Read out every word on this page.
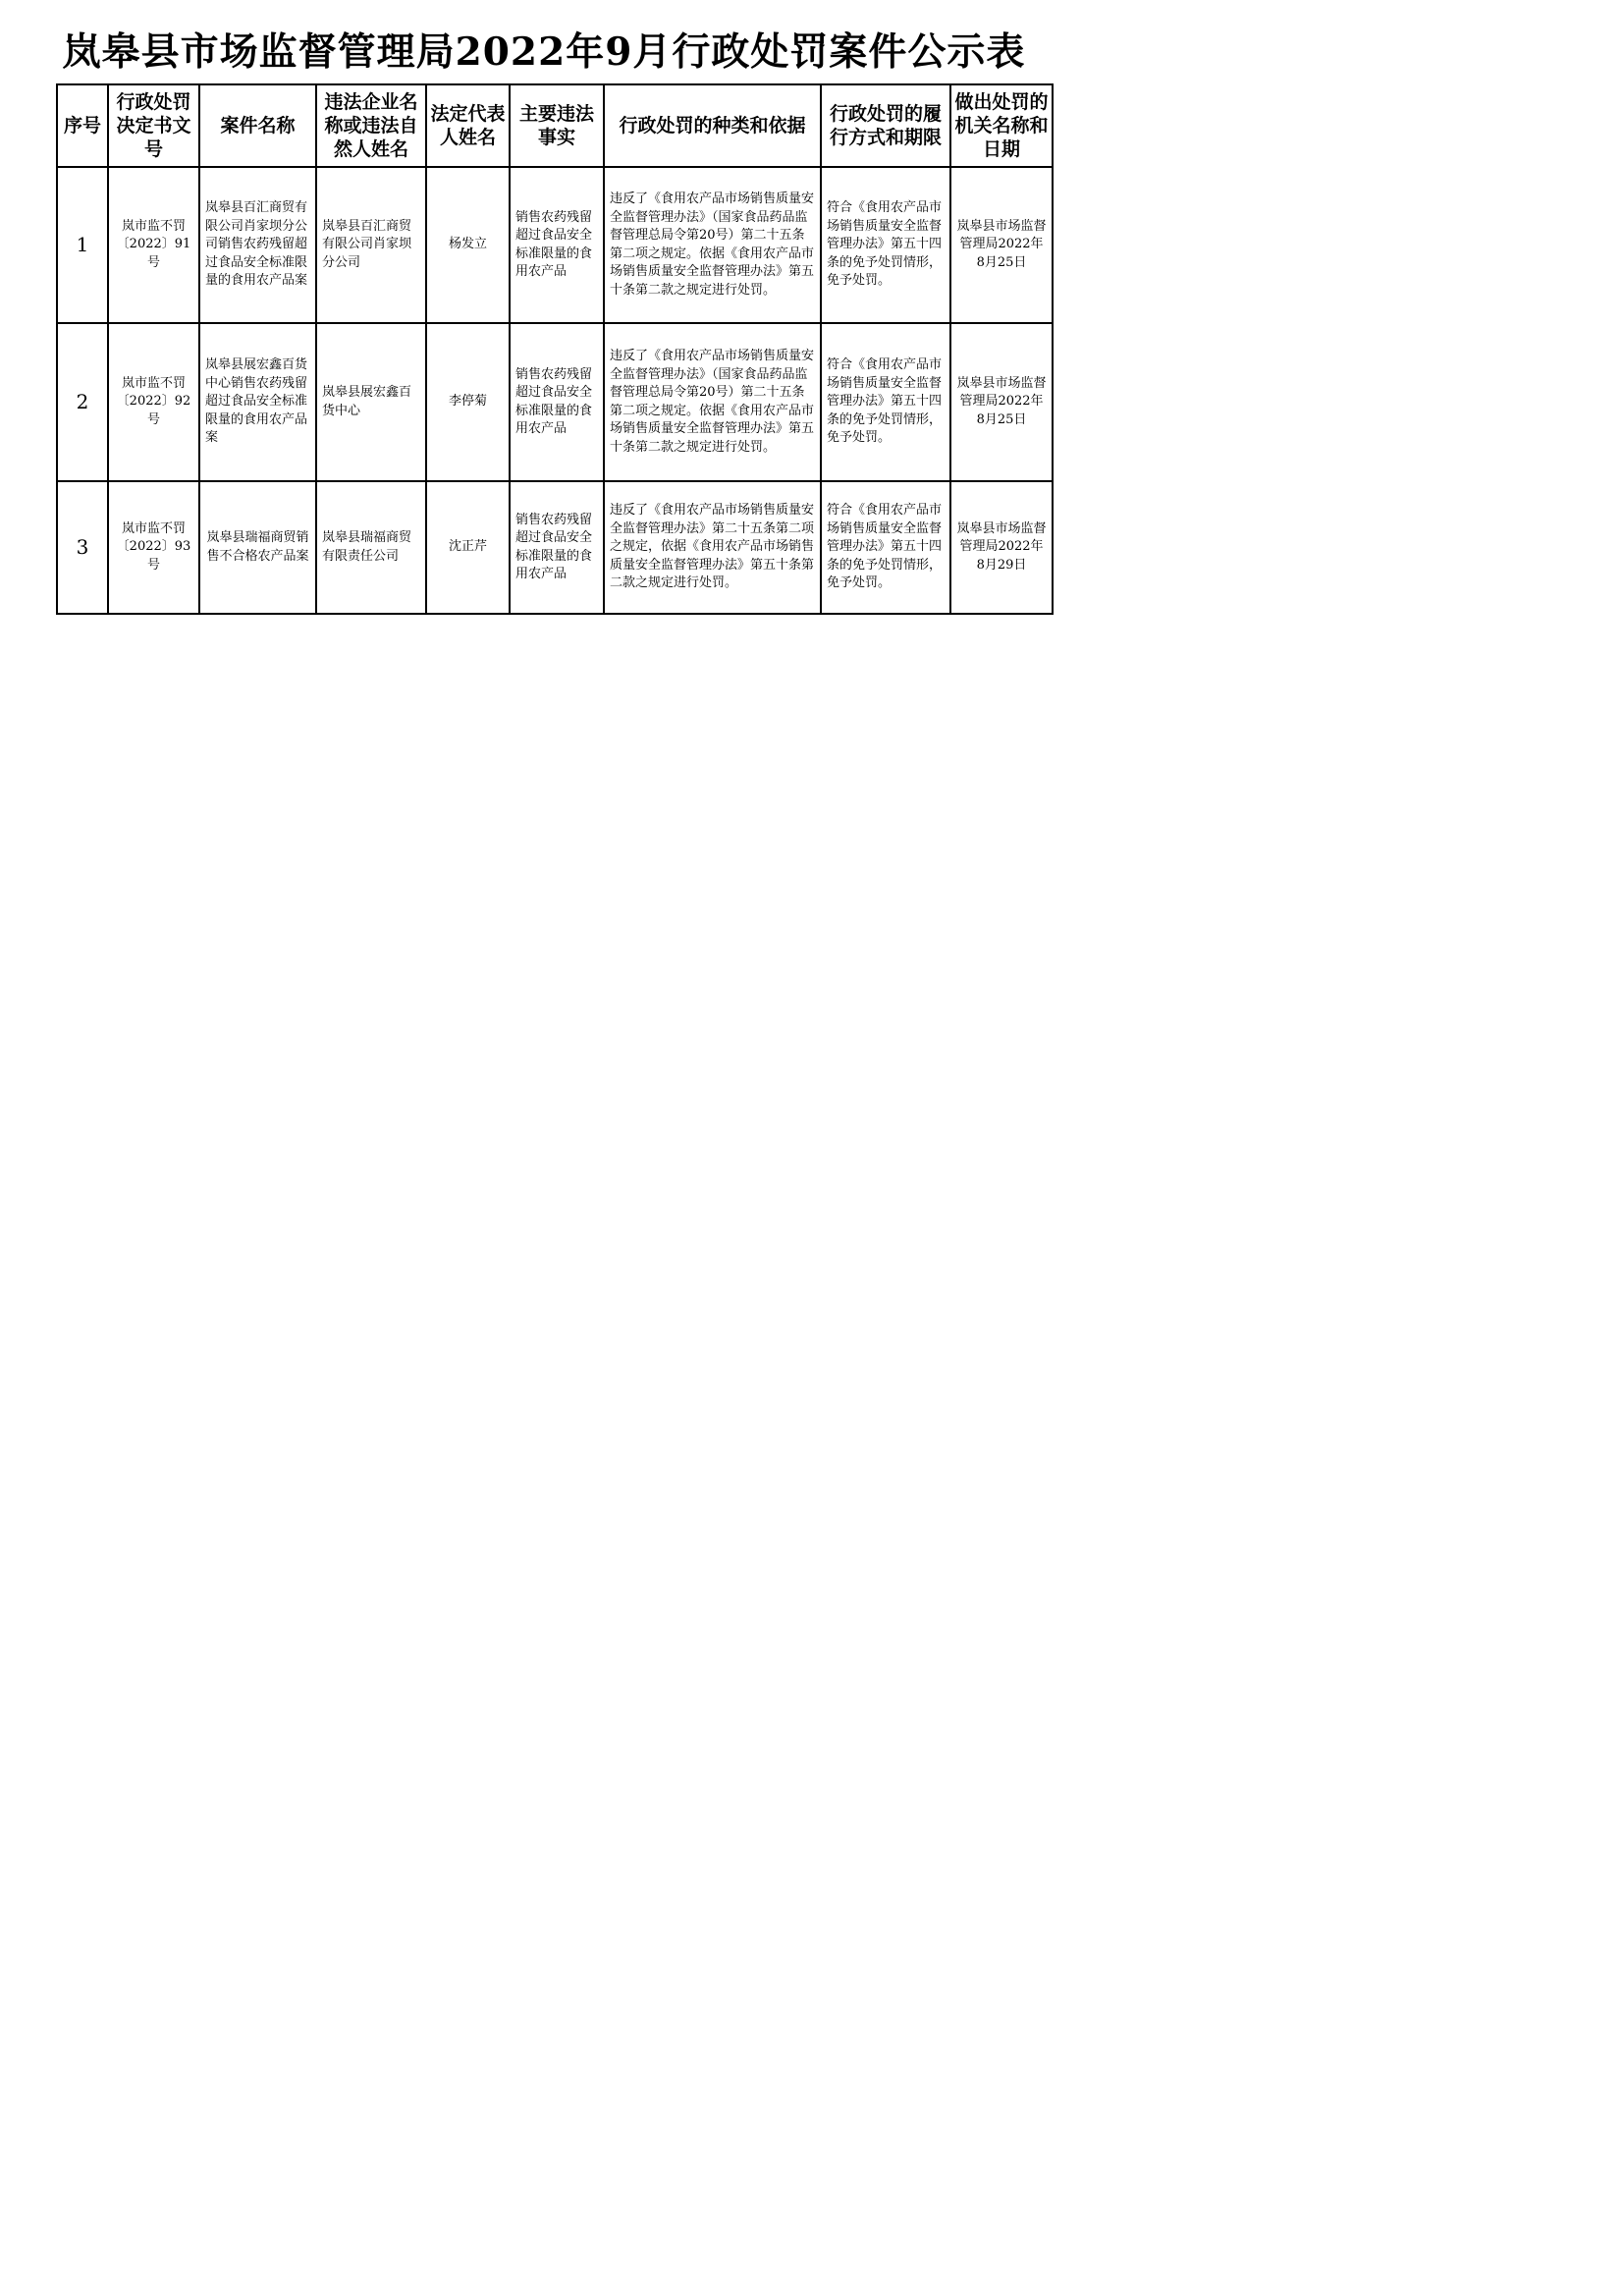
岚皋县市场监督管理局2022年9月行政处罚案件公示表
序号	行政处罚决定书文号	案件名称	违法企业名称或违法自然人姓名	法定代表人姓名	主要违法事实	行政处罚的种类和依据	行政处罚的履行方式和期限	做出处罚的机关名称和日期
1	岚市监不罚〔2022〕91号	岚皋县百汇商贸有限公司肖家坝分公司销售农药残留超过食品安全标准限量的食用农产品案	岚皋县百汇商贸有限公司肖家坝分公司	杨发立	销售农药残留超过食品安全标准限量的食用农产品	违反了《食用农产品市场销售质量安全监督管理办法》（国家食品药品监督管理总局令第20号）第二十五条第二项之规定。依据《食用农产品市场销售质量安全监督管理办法》第五十条第二款之规定进行处罚。	符合《食用农产品市场销售质量安全监督管理办法》第五十四条的免予处罚情形，免予处罚。	岚皋县市场监督管理局2022年8月25日
2	岚市监不罚〔2022〕92号	岚皋县展宏鑫百货中心销售农药残留超过食品安全标准限量的食用农产品案	岚皋县展宏鑫百货中心	李停菊	销售农药残留超过食品安全标准限量的食用农产品	违反了《食用农产品市场销售质量安全监督管理办法》（国家食品药品监督管理总局令第20号）第二十五条第二项之规定。依据《食用农产品市场销售质量安全监督管理办法》第五十条第二款之规定进行处罚。	符合《食用农产品市场销售质量安全监督管理办法》第五十四条的免予处罚情形，免予处罚。	岚皋县市场监督管理局2022年8月25日
3	岚市监不罚〔2022〕93号	岚皋县瑞福商贸销售不合格农产品案	岚皋县瑞福商贸有限责任公司	沈正芹	销售农药残留超过食品安全标准限量的食用农产品	违反了《食用农产品市场销售质量安全监督管理办法》第二十五条第二项之规定，依据《食用农产品市场销售质量安全监督管理办法》第五十条第二款之规定进行处罚。	符合《食用农产品市场销售质量安全监督管理办法》第五十四条的免予处罚情形，免予处罚。	岚皋县市场监督管理局2022年8月29日
